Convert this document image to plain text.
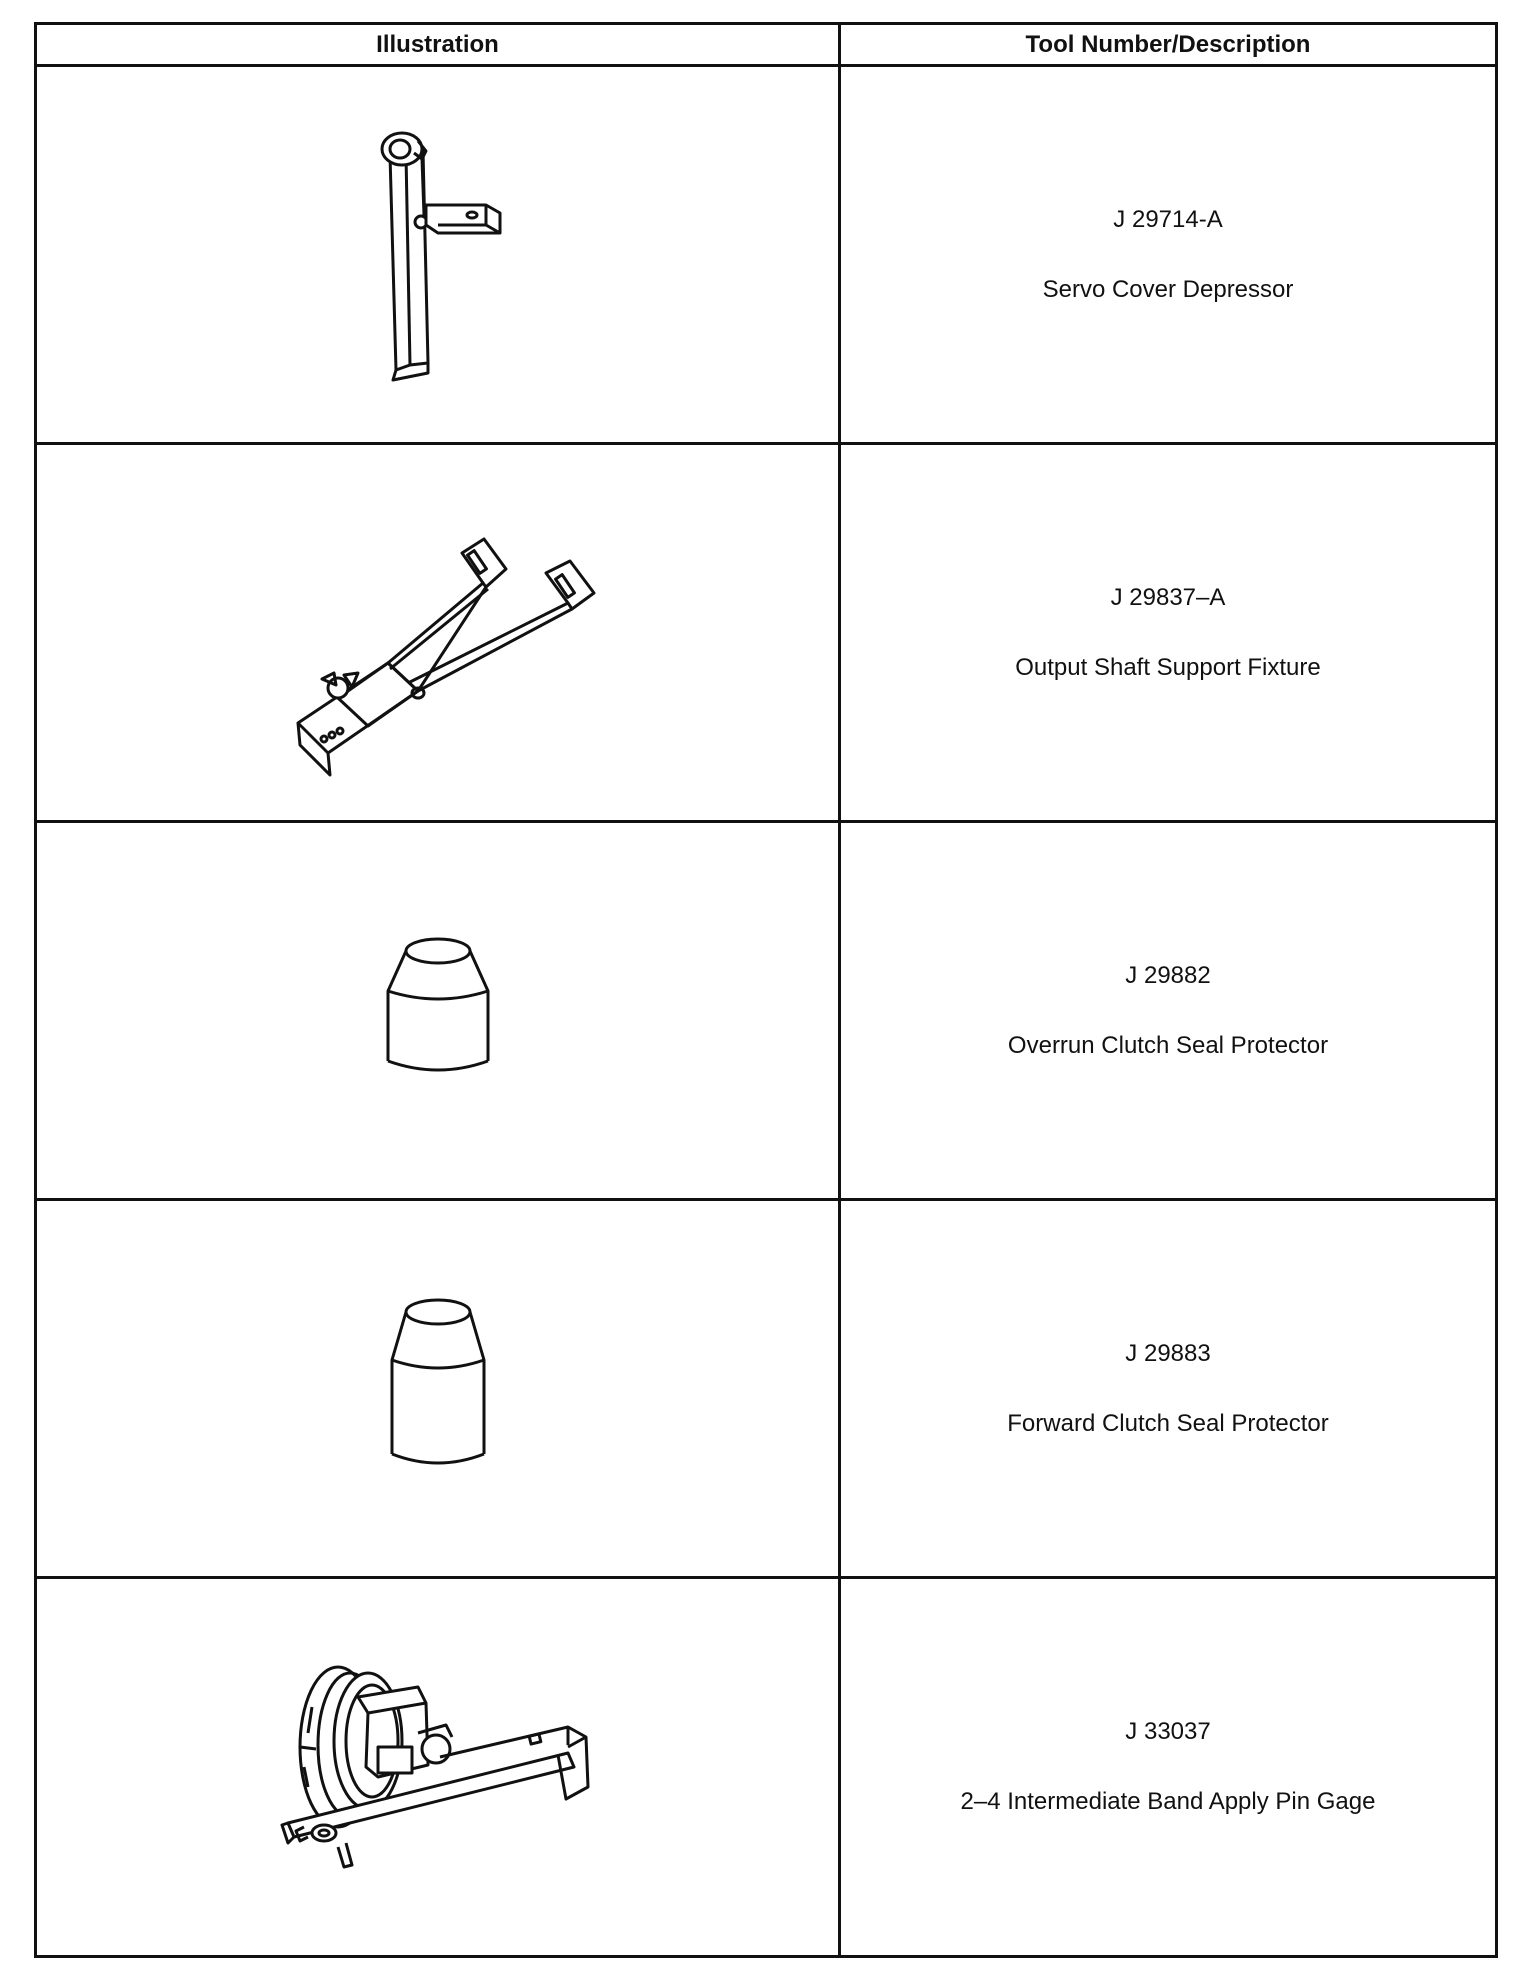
Illustration	Tool Number/Description
J 29714-A
Servo Cover Depressor
J 29837–A
Output Shaft Support Fixture
J 29882
Overrun Clutch Seal Protector
J 29883
Forward Clutch Seal Protector
J 33037
2–4 Intermediate Band Apply Pin Gage
